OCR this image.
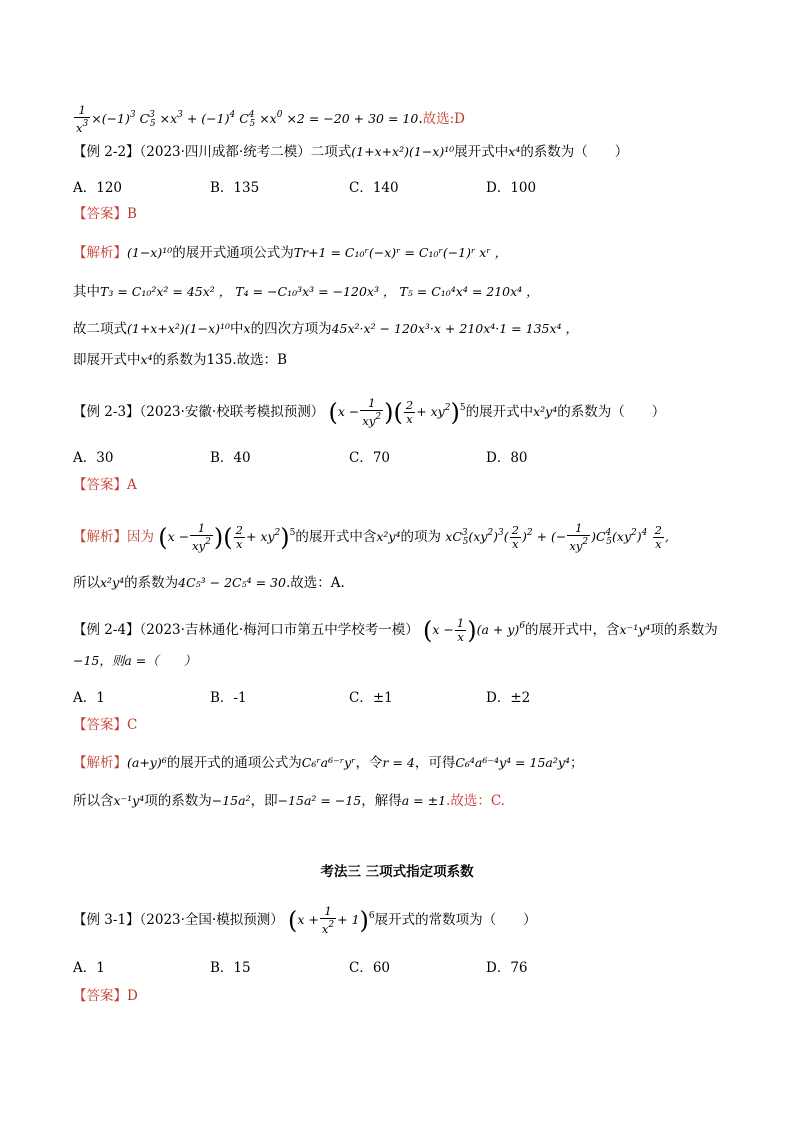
$\frac{1}{x^3} \times(-1)^3$ $C^3_5 \times x^3 + (-1)^4$ $C^4_5 \times x^0 \times 2 = -20 + 30 = 10$.故选:D
【例 2-2】（2023·四川成都·统考二模）二项式(1+x+x²)(1−x)¹⁰展开式中x⁴的系数为（　　）
A．120	B．135	C．140	D．100
【答案】B
【解析】(1−x)¹⁰的展开式通项公式为Tr+1 = C₁₀ʳ(−x)ʳ = C₁₀ʳ(−1)ʳ xʳ ，
其中T₃ = C₁₀²x² = 45x² ， T₄ = −C₁₀³x³ = −120x³ ， T₅ = C₁₀⁴x⁴ = 210x⁴ ，
故二项式(1+x+x²)(1−x)¹⁰中x的四次方项为45x²·x² − 120x³·x + 210x⁴·1 = 135x⁴ ，
即展开式中x⁴的系数为135.故选：B
【例 2-3】（2023·安徽·校联考模拟预测） ($x - \frac{1}{xy^2}$ )( $\frac{2}{x} + xy^2)^5$的展开式中x²y⁴的系数为（　　）
A．30	B．40	C．70	D．80
【答案】A
【解析】因为 ($x - \frac{1}{xy^2}$ )( $\frac{2}{x} + xy^2)^5$的展开式中含x²y⁴的项为 $xC^3_5(xy^2)^3( \frac{2}{x} )^2$ + (− $\frac{1}{xy^2} )C^4_5(xy^2)^4 \frac{2}{x}$ ,
所以x²y⁴的系数为4C₅³ − 2C₅⁴ = 30.故选：A.
【例 2-4】（2023·吉林通化·梅河口市第五中学校考一模） $(x - \frac{1}{x} )(a + y)^6$的展开式中，含x⁻¹y⁴项的系数为
−15，则a =（　　）
A．1	B．-1	C．±1	D．±2
【答案】C
【解析】(a+y)⁶的展开式的通项公式为C₆ʳa⁶⁻ʳyʳ，令r = 4，可得C₆⁴a⁶⁻⁴y⁴ = 15a²y⁴；
所以含x⁻¹y⁴项的系数为−15a²，即−15a² = −15，解得a = ±1.故选：C.
考法三 三项式指定项系数
【例 3-1】（2023·全国·模拟预测） $(x + \frac{1}{x^2} + 1)^6$展开式的常数项为（　　）
A．1	B．15	C．60	D．76
【答案】D
